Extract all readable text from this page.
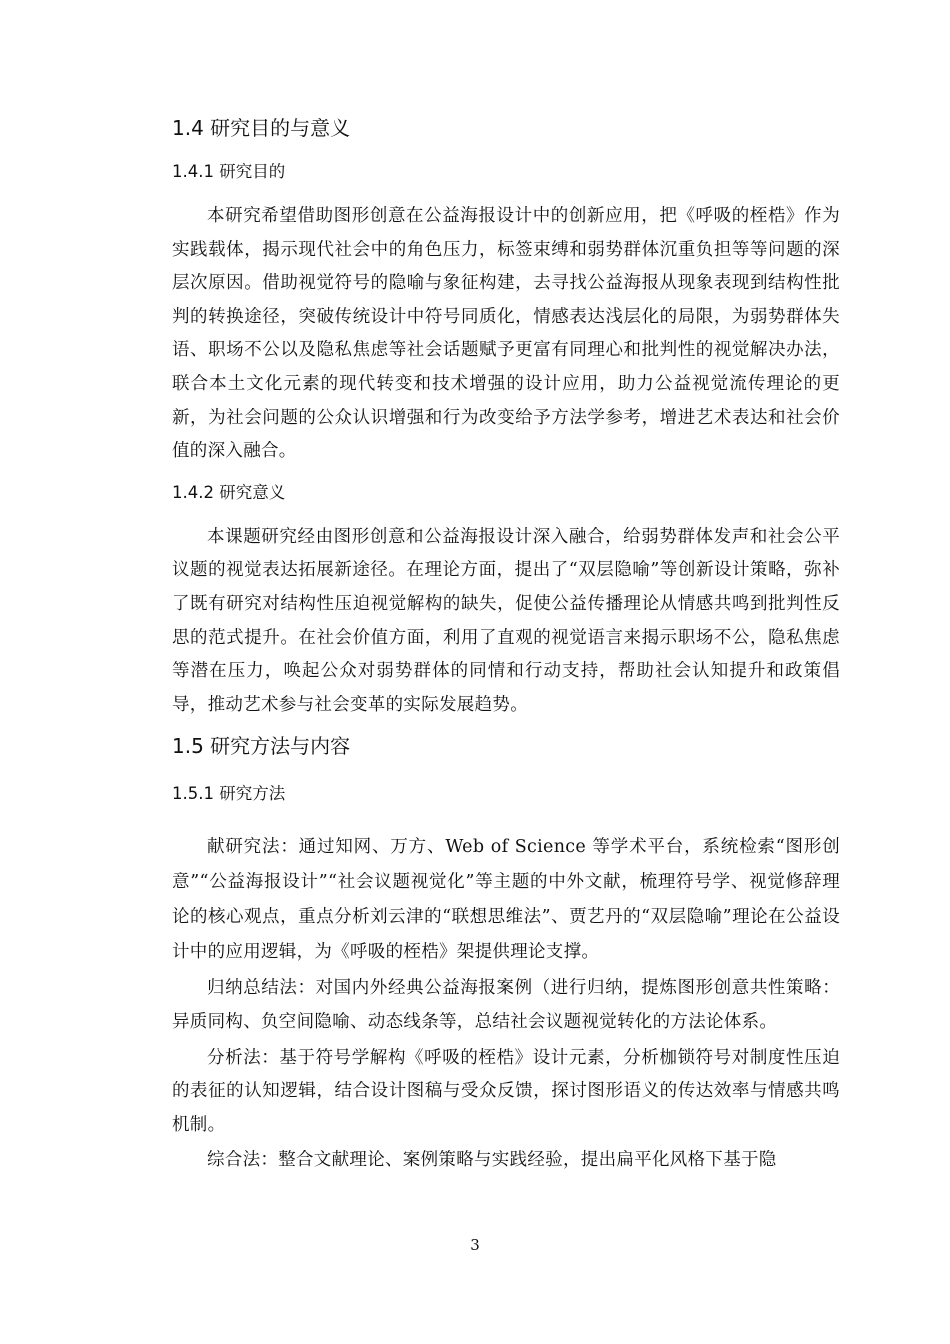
1.4 研究目的与意义
1.4.1 研究目的

本研究希望借助图形创意在公益海报设计中的创新应用，把《呼吸的桎梏》作为实践载体，揭示现代社会中的角色压力，标签束缚和弱势群体沉重负担等等问题的深层次原因。借助视觉符号的隐喻与象征构建，去寻找公益海报从现象表现到结构性批判的转换途径，突破传统设计中符号同质化，情感表达浅层化的局限，为弱势群体失语、职场不公以及隐私焦虑等社会话题赋予更富有同理心和批判性的视觉解决办法，联合本土文化元素的现代转变和技术增强的设计应用，助力公益视觉流传理论的更新，为社会问题的公众认识增强和行为改变给予方法学参考，增进艺术表达和社会价值的深入融合。

1.4.2 研究意义

本课题研究经由图形创意和公益海报设计深入融合，给弱势群体发声和社会公平议题的视觉表达拓展新途径。在理论方面，提出了“双层隐喻”等创新设计策略，弥补了既有研究对结构性压迫视觉解构的缺失，促使公益传播理论从情感共鸣到批判性反思的范式提升。在社会价值方面，利用了直观的视觉语言来揭示职场不公，隐私焦虑等潜在压力，唤起公众对弱势群体的同情和行动支持，帮助社会认知提升和政策倡导，推动艺术参与社会变革的实际发展趋势。

1.5 研究方法与内容
1.5.1 研究方法

献研究法：通过知网、万方、Web of Science 等学术平台，系统检索“图形创意”“公益海报设计”“社会议题视觉化”等主题的中外文献，梳理符号学、视觉修辞理论的核心观点，重点分析刘云津的“联想思维法”、贾艺丹的“双层隐喻”理论在公益设计中的应用逻辑，为《呼吸的桎梏》架提供理论支撑。

归纳总结法：对国内外经典公益海报案例（进行归纳，提炼图形创意共性策略：异质同构、负空间隐喻、动态线条等，总结社会议题视觉转化的方法论体系。

分析法：基于符号学解构《呼吸的桎梏》设计元素，分析枷锁符号对制度性压迫的表征的认知逻辑，结合设计图稿与受众反馈，探讨图形语义的传达效率与情感共鸣机制。

综合法：整合文献理论、案例策略与实践经验，提出扁平化风格下基于隐

3
